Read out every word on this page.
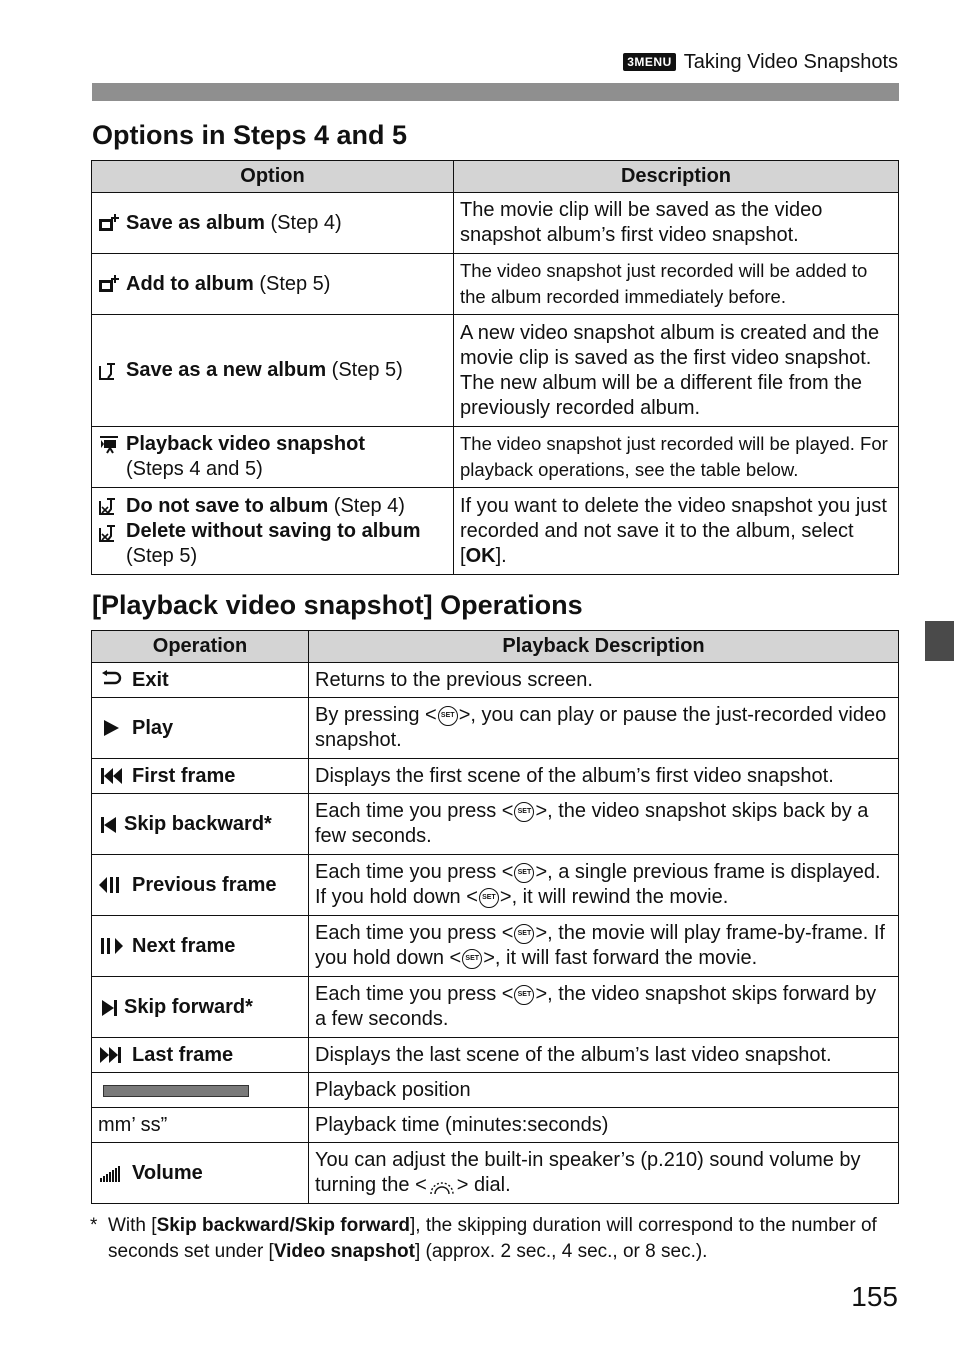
3MENU Taking Video Snapshots
Options in Steps 4 and 5
Option	Description

Save as album (Step 4)	The movie clip will be saved as the video snapshot album’s first video snapshot.

Add to album (Step 5)	The video snapshot just recorded will be added to the album recorded immediately before.

Save as a new album (Step 5)	A new video snapshot album is created and the movie clip is saved as the first video snapshot. The new album will be a different file from the previously recorded album.

Playback video snapshot
(Steps 4 and 5)	The video snapshot just recorded will be played. For playback operations, see the table below.

Do not save to album (Step 4)
Delete without saving to album (Step 5)	If you want to delete the video snapshot you just recorded and not save it to the album, select [OK].
[Playback video snapshot] Operations
Operation	Playback Description

Exit	Returns to the previous screen.

Play	By pressing < SET >, you can play or pause the just-recorded video snapshot.

First frame	Displays the first scene of the album’s first video snapshot.

Skip backward*	Each time you press < SET >, the video snapshot skips back by a few seconds.

Previous frame	Each time you press < SET >, a single previous frame is displayed. If you hold down < SET >, it will rewind the movie.

Next frame	Each time you press < SET >, the movie will play frame-by-frame. If you hold down < SET >, it will fast forward the movie.

Skip forward*	Each time you press < SET >, the video snapshot skips forward by a few seconds.

Last frame	Displays the last scene of the album’s last video snapshot.
	Playback position
mm’ ss”	Playback time (minutes:seconds)

Volume	You can adjust the built-in speaker’s (p.210) sound volume by turning the < > dial.
* With [Skip backward/Skip forward], the skipping duration will correspond to the number of seconds set under [Video snapshot] (approx. 2 sec., 4 sec., or 8 sec.).
155
